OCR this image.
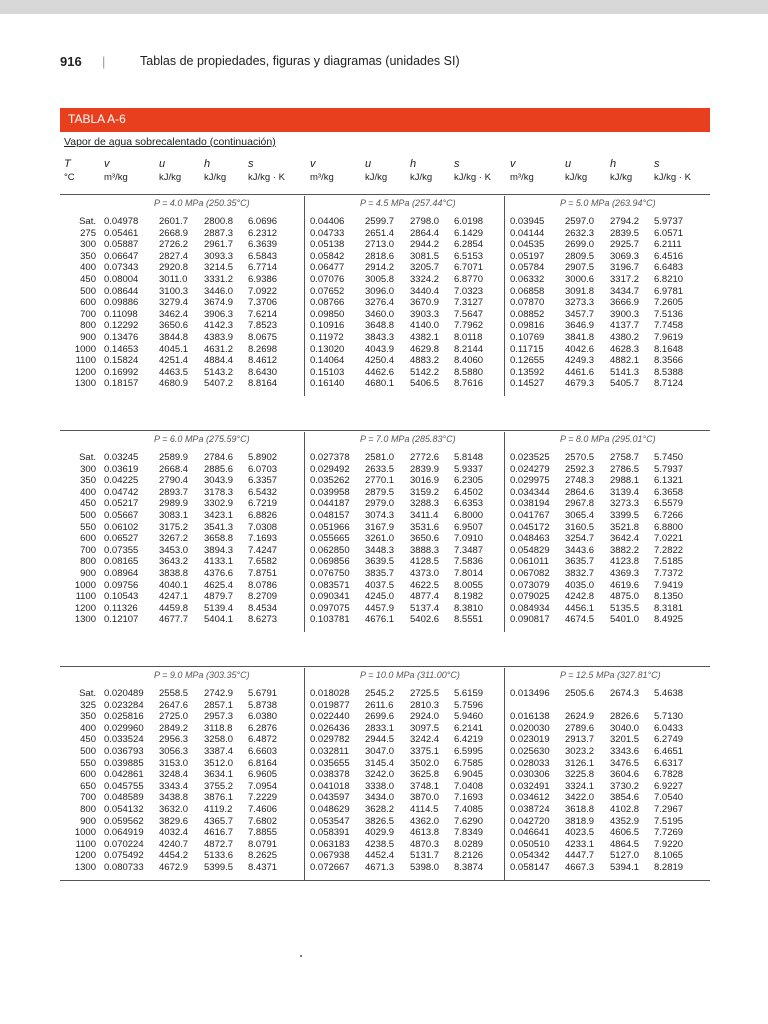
916 |	Tablas de propiedades, figuras y diagramas (unidades SI)
TABLA A-6
Vapor de agua sobrecalentado (continuación)
T
°C
v
m³/kg
u
kJ/kg
h
kJ/kg
s
kJ/kg · K
v
m³/kg
u
kJ/kg
h
kJ/kg
s
kJ/kg · K
v
m³/kg
u
kJ/kg
h
kJ/kg
s
kJ/kg · K
Sat.
275
300
350
400
450
500
600
700
800
900
1000
1100
1200
1300
P = 4.0 MPa (250.35°C)
0.04978
0.05461
0.05887
0.06647
0.07343
0.08004
0.08644
0.09886
0.11098
0.12292
0.13476
0.14653
0.15824
0.16992
0.18157
2601.7
2668.9
2726.2
2827.4
2920.8
3011.0
3100.3
3279.4
3462.4
3650.6
3844.8
4045.1
4251.4
4463.5
4680.9
2800.8
2887.3
2961.7
3093.3
3214.5
3331.2
3446.0
3674.9
3906.3
4142.3
4383.9
4631.2
4884.4
5143.2
5407.2
6.0696
6.2312
6.3639
6.5843
6.7714
6.9386
7.0922
7.3706
7.6214
7.8523
8.0675
8.2698
8.4612
8.6430
8.8164
P = 4.5 MPa (257.44°C)
0.04406
0.04733
0.05138
0.05842
0.06477
0.07076
0.07652
0.08766
0.09850
0.10916
0.11972
0.13020
0.14064
0.15103
0.16140
2599.7
2651.4
2713.0
2818.6
2914.2
3005.8
3096.0
3276.4
3460.0
3648.8
3843.3
4043.9
4250.4
4462.6
4680.1
2798.0
2864.4
2944.2
3081.5
3205.7
3324.2
3440.4
3670.9
3903.3
4140.0
4382.1
4629.8
4883.2
5142.2
5406.5
6.0198
6.1429
6.2854
6.5153
6.7071
6.8770
7.0323
7.3127
7.5647
7.7962
8.0118
8.2144
8.4060
8.5880
8.7616
P = 5.0 MPa (263.94°C)
0.03945
0.04144
0.04535
0.05197
0.05784
0.06332
0.06858
0.07870
0.08852
0.09816
0.10769
0.11715
0.12655
0.13592
0.14527
2597.0
2632.3
2699.0
2809.5
2907.5
3000.6
3091.8
3273.3
3457.7
3646.9
3841.8
4042.6
4249.3
4461.6
4679.3
2794.2
2839.5
2925.7
3069.3
3196.7
3317.2
3434.7
3666.9
3900.3
4137.7
4380.2
4628.3
4882.1
5141.3
5405.7
5.9737
6.0571
6.2111
6.4516
6.6483
6.8210
6.9781
7.2605
7.5136
7.7458
7.9619
8.1648
8.3566
8.5388
8.7124
Sat.
300
350
400
450
500
550
600
700
800
900
1000
1100
1200
1300
P = 6.0 MPa (275.59°C)
0.03245
0.03619
0.04225
0.04742
0.05217
0.05667
0.06102
0.06527
0.07355
0.08165
0.08964
0.09756
0.10543
0.11326
0.12107
2589.9
2668.4
2790.4
2893.7
2989.9
3083.1
3175.2
3267.2
3453.0
3643.2
3838.8
4040.1
4247.1
4459.8
4677.7
2784.6
2885.6
3043.9
3178.3
3302.9
3423.1
3541.3
3658.8
3894.3
4133.1
4376.6
4625.4
4879.7
5139.4
5404.1
5.8902
6.0703
6.3357
6.5432
6.7219
6.8826
7.0308
7.1693
7.4247
7.6582
7.8751
8.0786
8.2709
8.4534
8.6273
P = 7.0 MPa (285.83°C)
0.027378
0.029492
0.035262
0.039958
0.044187
0.048157
0.051966
0.055665
0.062850
0.069856
0.076750
0.083571
0.090341
0.097075
0.103781
2581.0
2633.5
2770.1
2879.5
2979.0
3074.3
3167.9
3261.0
3448.3
3639.5
3835.7
4037.5
4245.0
4457.9
4676.1
2772.6
2839.9
3016.9
3159.2
3288.3
3411.4
3531.6
3650.6
3888.3
4128.5
4373.0
4622.5
4877.4
5137.4
5402.6
5.8148
5.9337
6.2305
6.4502
6.6353
6.8000
6.9507
7.0910
7.3487
7.5836
7.8014
8.0055
8.1982
8.3810
8.5551
P = 8.0 MPa (295.01°C)
0.023525
0.024279
0.029975
0.034344
0.038194
0.041767
0.045172
0.048463
0.054829
0.061011
0.067082
0.073079
0.079025
0.084934
0.090817
2570.5
2592.3
2748.3
2864.6
2967.8
3065.4
3160.5
3254.7
3443.6
3635.7
3832.7
4035.0
4242.8
4456.1
4674.5
2758.7
2786.5
2988.1
3139.4
3273.3
3399.5
3521.8
3642.4
3882.2
4123.8
4369.3
4619.6
4875.0
5135.5
5401.0
5.7450
5.7937
6.1321
6.3658
6.5579
6.7266
6.8800
7.0221
7.2822
7.5185
7.7372
7.9419
8.1350
8.3181
8.4925
Sat.
325
350
400
450
500
550
600
650
700
800
900
1000
1100
1200
1300
P = 9.0 MPa (303.35°C)
0.020489
0.023284
0.025816
0.029960
0.033524
0.036793
0.039885
0.042861
0.045755
0.048589
0.054132
0.059562
0.064919
0.070224
0.075492
0.080733
2558.5
2647.6
2725.0
2849.2
2956.3
3056.3
3153.0
3248.4
3343.4
3438.8
3632.0
3829.6
4032.4
4240.7
4454.2
4672.9
2742.9
2857.1
2957.3
3118.8
3258.0
3387.4
3512.0
3634.1
3755.2
3876.1
4119.2
4365.7
4616.7
4872.7
5133.6
5399.5
5.6791
5.8738
6.0380
6.2876
6.4872
6.6603
6.8164
6.9605
7.0954
7.2229
7.4606
7.6802
7.8855
8.0791
8.2625
8.4371
P = 10.0 MPa (311.00°C)
0.018028
0.019877
0.022440
0.026436
0.029782
0.032811
0.035655
0.038378
0.041018
0.043597
0.048629
0.053547
0.058391
0.063183
0.067938
0.072667
2545.2
2611.6
2699.6
2833.1
2944.5
3047.0
3145.4
3242.0
3338.0
3434.0
3628.2
3826.5
4029.9
4238.5
4452.4
4671.3
2725.5
2810.3
2924.0
3097.5
3242.4
3375.1
3502.0
3625.8
3748.1
3870.0
4114.5
4362.0
4613.8
4870.3
5131.7
5398.0
5.6159
5.7596
5.9460
6.2141
6.4219
6.5995
6.7585
6.9045
7.0408
7.1693
7.4085
7.6290
7.8349
8.0289
8.2126
8.3874
P = 12.5 MPa (327.81°C)
0.013496
0.016138
0.020030
0.023019
0.025630
0.028033
0.030306
0.032491
0.034612
0.038724
0.042720
0.046641
0.050510
0.054342
0.058147
2505.6
2624.9
2789.6
2913.7
3023.2
3126.1
3225.8
3324.1
3422.0
3618.8
3818.9
4023.5
4233.1
4447.7
4667.3
2674.3
2826.6
3040.0
3201.5
3343.6
3476.5
3604.6
3730.2
3854.6
4102.8
4352.9
4606.5
4864.5
5127.0
5394.1
5.4638
5.7130
6.0433
6.2749
6.4651
6.6317
6.7828
6.9227
7.0540
7.2967
7.5195
7.7269
7.9220
8.1065
8.2819
